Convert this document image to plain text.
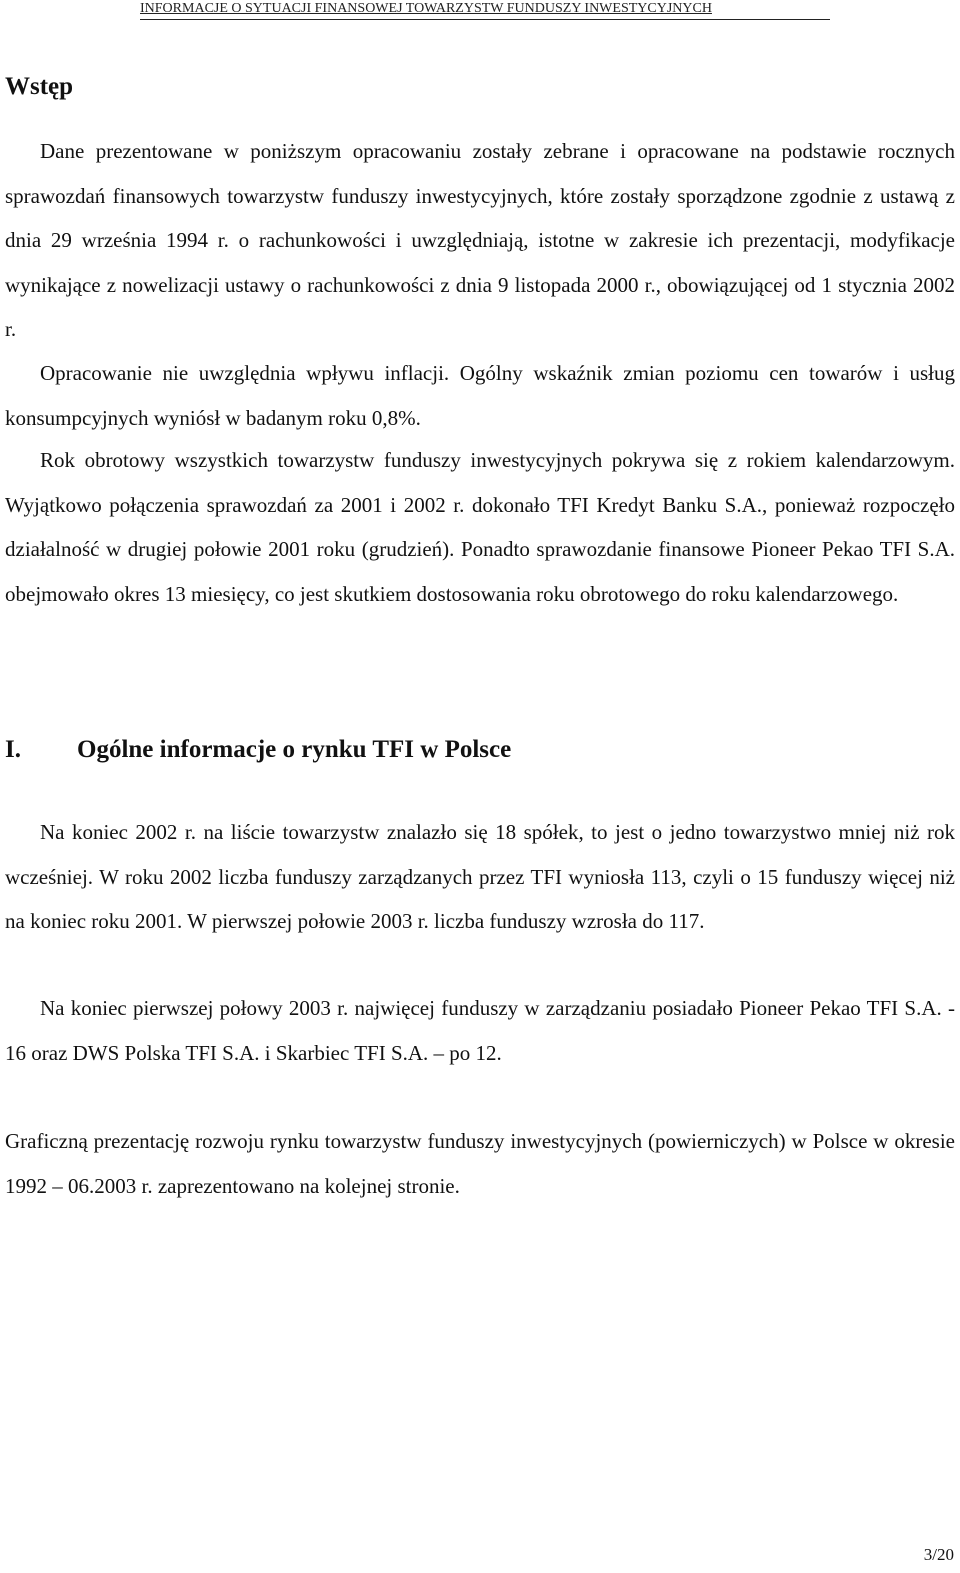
INFORMACJE O SYTUACJI FINANSOWEJ TOWARZYSTW FUNDUSZY INWESTYCYJNYCH
Wstęp

Dane prezentowane w poniższym opracowaniu zostały zebrane i opracowane na podstawie rocznych sprawozdań finansowych towarzystw funduszy inwestycyjnych, które zostały sporządzone zgodnie z ustawą z dnia 29 września 1994 r. o rachunkowości i uwzględniają, istotne w zakresie ich prezentacji, modyfikacje wynikające z nowelizacji ustawy o rachunkowości z dnia 9 listopada 2000 r., obowiązującej od 1 stycznia 2002 r.

Opracowanie nie uwzględnia wpływu inflacji. Ogólny wskaźnik zmian poziomu cen towarów i usług konsumpcyjnych wyniósł w badanym roku 0,8%.

Rok obrotowy wszystkich towarzystw funduszy inwestycyjnych pokrywa się z rokiem kalendarzowym. Wyjątkowo połączenia sprawozdań za 2001 i 2002 r. dokonało TFI Kredyt Banku S.A., ponieważ rozpoczęło działalność w drugiej połowie 2001 roku (grudzień). Ponadto sprawozdanie finansowe Pioneer Pekao TFI S.A. obejmowało okres 13 miesięcy, co jest skutkiem dostosowania roku obrotowego do roku kalendarzowego.

I. Ogólne informacje o rynku TFI w Polsce

Na koniec 2002 r. na liście towarzystw znalazło się 18 spółek, to jest o jedno towarzystwo mniej niż rok wcześniej. W roku 2002 liczba funduszy zarządzanych przez TFI wyniosła 113, czyli o 15 funduszy więcej niż na koniec roku 2001. W pierwszej połowie 2003 r. liczba funduszy wzrosła do 117.

Na koniec pierwszej połowy 2003 r. najwięcej funduszy w zarządzaniu posiadało Pioneer Pekao TFI S.A. - 16 oraz DWS Polska TFI S.A. i Skarbiec TFI S.A. – po 12.

Graficzną prezentację rozwoju rynku towarzystw funduszy inwestycyjnych (powierniczych) w Polsce w okresie 1992 – 06.2003 r. zaprezentowano na kolejnej stronie.

3/20
